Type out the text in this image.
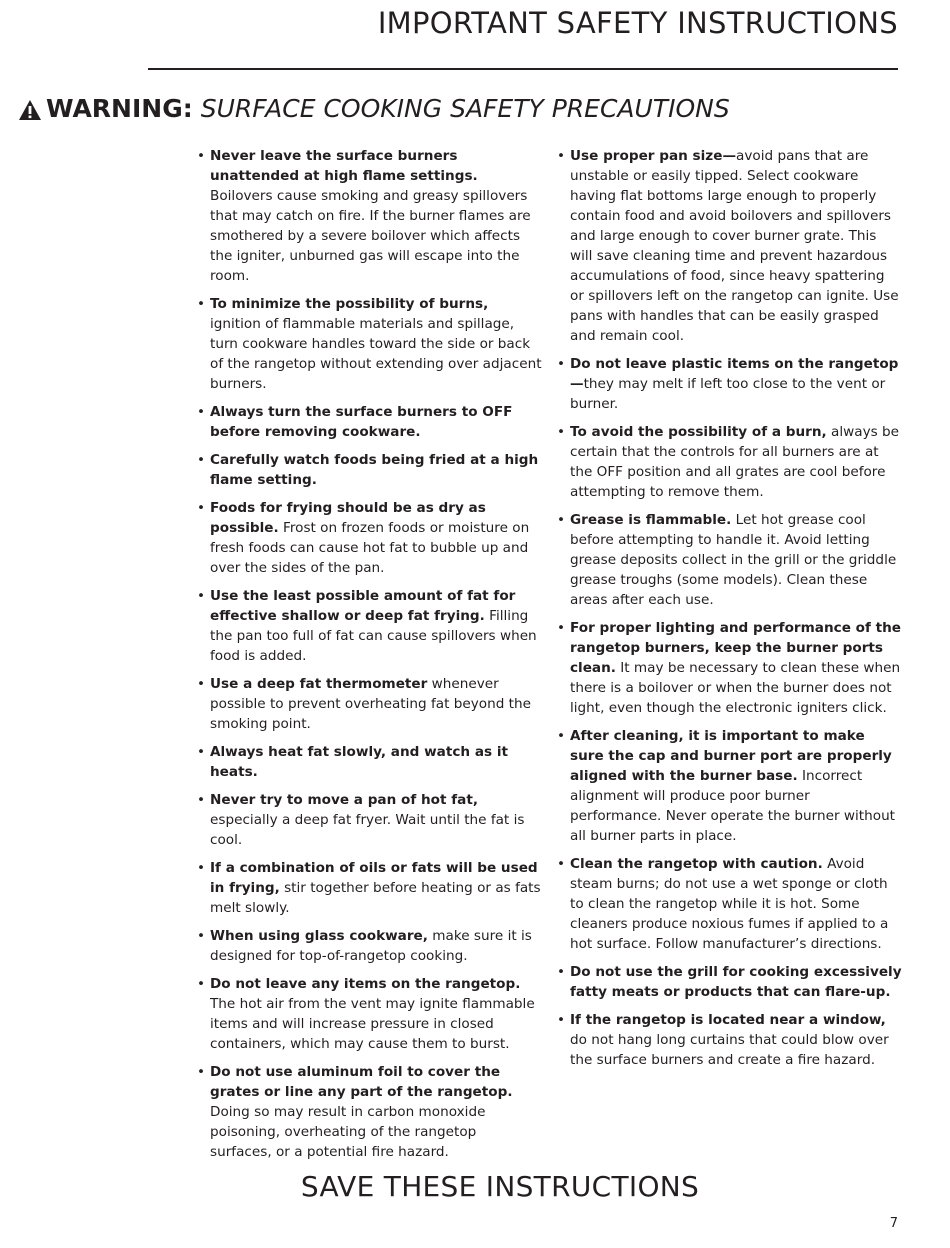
IMPORTANT SAFETY INSTRUCTIONS
WARNING: SURFACE COOKING SAFETY PRECAUTIONS
• Never leave the surface burners unattended at high flame settings. Boilovers cause smoking and greasy spillovers that may catch on fire. If the burner flames are smothered by a severe boilover which affects the igniter, unburned gas will escape into the room.
• To minimize the possibility of burns, ignition of flammable materials and spillage, turn cookware handles toward the side or back of the rangetop without extending over adjacent burners.
• Always turn the surface burners to OFF before removing cookware.
• Carefully watch foods being fried at a high flame setting.
• Foods for frying should be as dry as possible. Frost on frozen foods or moisture on fresh foods can cause hot fat to bubble up and over the sides of the pan.
• Use the least possible amount of fat for effective shallow or deep fat frying. Filling the pan too full of fat can cause spillovers when food is added.
• Use a deep fat thermometer whenever possible to prevent overheating fat beyond the smoking point.
• Always heat fat slowly, and watch as it heats.
• Never try to move a pan of hot fat, especially a deep fat fryer. Wait until the fat is cool.
• If a combination of oils or fats will be used in frying, stir together before heating or as fats melt slowly.
• When using glass cookware, make sure it is designed for top-of-rangetop cooking.
• Do not leave any items on the rangetop. The hot air from the vent may ignite flammable items and will increase pressure in closed containers, which may cause them to burst.
• Do not use aluminum foil to cover the grates or line any part of the rangetop. Doing so may result in carbon monoxide poisoning, overheating of the rangetop surfaces, or a potential fire hazard.
• Use proper pan size—avoid pans that are unstable or easily tipped. Select cookware having flat bottoms large enough to properly contain food and avoid boilovers and spillovers and large enough to cover burner grate. This will save cleaning time and prevent hazardous accumulations of food, since heavy spattering or spillovers left on the rangetop can ignite. Use pans with handles that can be easily grasped and remain cool.
• Do not leave plastic items on the rangetop—they may melt if left too close to the vent or burner.
• To avoid the possibility of a burn, always be certain that the controls for all burners are at the OFF position and all grates are cool before attempting to remove them.
• Grease is flammable. Let hot grease cool before attempting to handle it. Avoid letting grease deposits collect in the grill or the griddle grease troughs (some models). Clean these areas after each use.
• For proper lighting and performance of the rangetop burners, keep the burner ports clean. It may be necessary to clean these when there is a boilover or when the burner does not light, even though the electronic igniters click.
• After cleaning, it is important to make sure the cap and burner port are properly aligned with the burner base. Incorrect alignment will produce poor burner performance. Never operate the burner without all burner parts in place.
• Clean the rangetop with caution. Avoid steam burns; do not use a wet sponge or cloth to clean the rangetop while it is hot. Some cleaners produce noxious fumes if applied to a hot surface. Follow manufacturer’s directions.
• Do not use the grill for cooking excessively fatty meats or products that can flare-up.
• If the rangetop is located near a window, do not hang long curtains that could blow over the surface burners and create a fire hazard.
SAVE THESE INSTRUCTIONS
7
